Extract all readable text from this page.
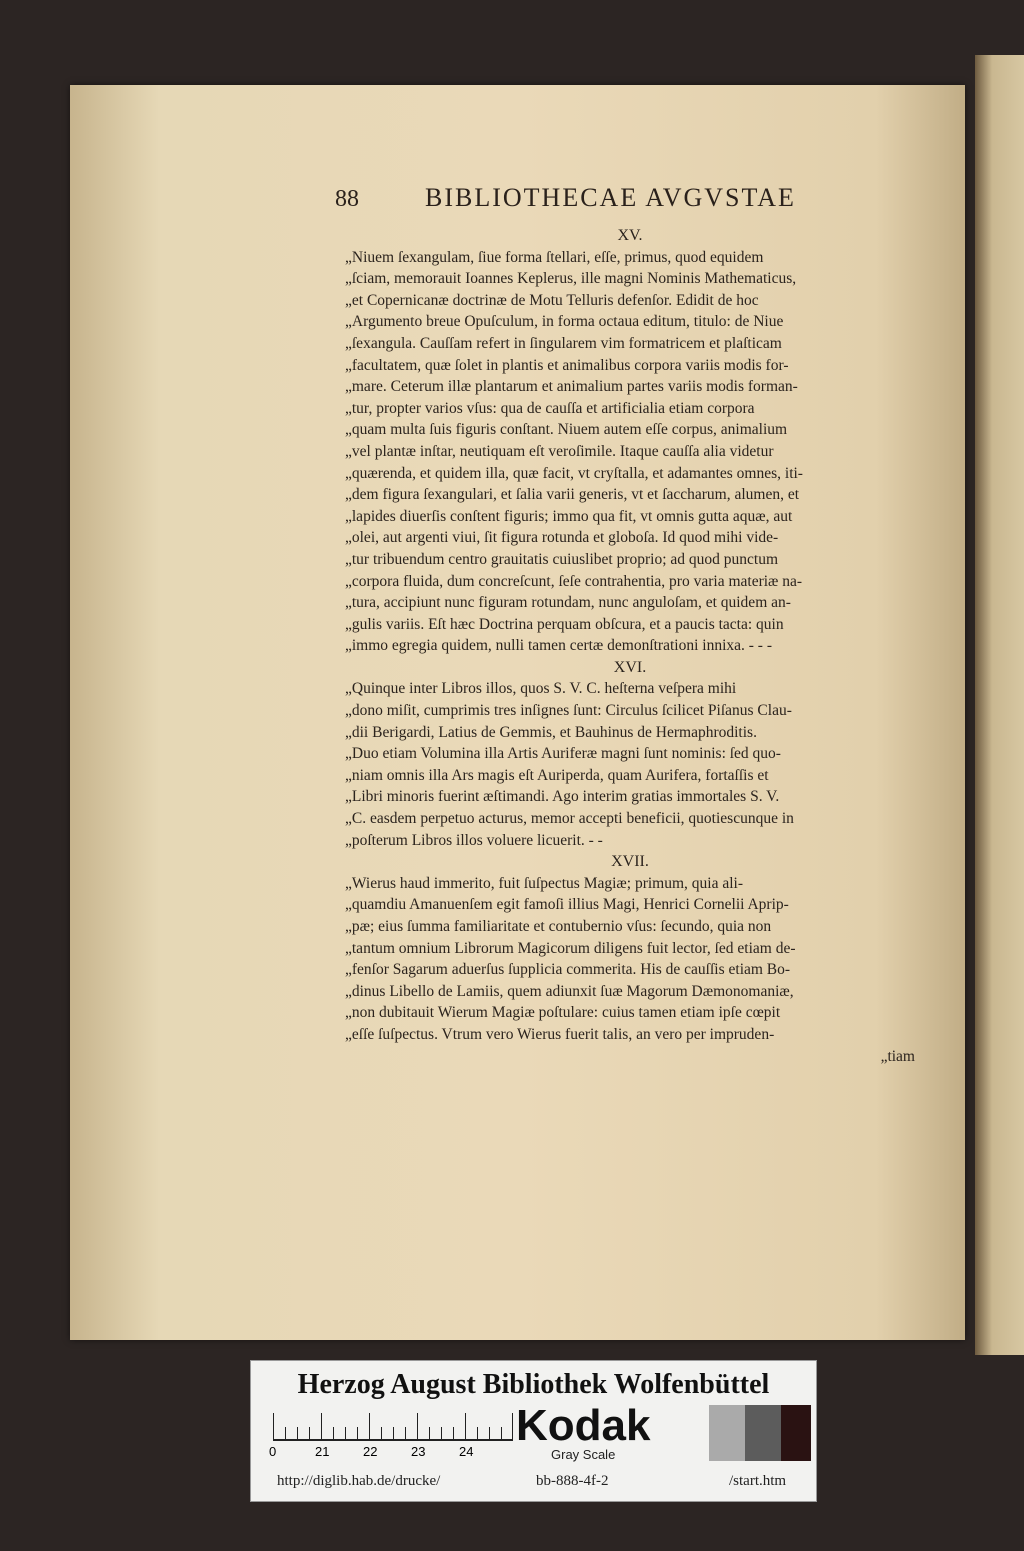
88	BIBLIOTHECAE AVGVSTAE

XV.

„Niuem ſexangulam, ſiue forma ſtellari, eſſe, primus, quod equidem
„ſciam, memorauit Ioannes Keplerus, ille magni Nominis Mathematicus,
„et Copernicanæ doctrinæ de Motu Telluris defenſor. Edidit de hoc
„Argumento breue Opuſculum, in forma octaua editum, titulo: de Niue
„ſexangula. Cauſſam refert in ſingularem vim formatricem et plaſticam
„facultatem, quæ ſolet in plantis et animalibus corpora variis modis for-
„mare. Ceterum illæ plantarum et animalium partes variis modis forman-
„tur, propter varios vſus: qua de cauſſa et artificialia etiam corpora
„quam multa ſuis figuris conſtant. Niuem autem eſſe corpus, animalium
„vel plantæ inſtar, neutiquam eſt veroſimile. Itaque cauſſa alia videtur
„quærenda, et quidem illa, quæ facit, vt cryſtalla, et adamantes omnes, iti-
„dem figura ſexangulari, et ſalia varii generis, vt et ſaccharum, alumen, et
„lapides diuerſis conſtent figuris; immo qua fit, vt omnis gutta aquæ, aut
„olei, aut argenti viui, ſit figura rotunda et globoſa. Id quod mihi vide-
„tur tribuendum centro grauitatis cuiuslibet proprio; ad quod punctum
„corpora fluida, dum concreſcunt, ſeſe contrahentia, pro varia materiæ na-
„tura, accipiunt nunc figuram rotundam, nunc anguloſam, et quidem an-
„gulis variis. Eſt hæc Doctrina perquam obſcura, et a paucis tacta: quin
„immo egregia quidem, nulli tamen certæ demonſtrationi innixa. - - -

XVI.

„Quinque inter Libros illos, quos S. V. C. heſterna veſpera mihi
„dono miſit, cumprimis tres inſignes ſunt: Circulus ſcilicet Piſanus Clau-
„dii Berigardi, Latius de Gemmis, et Bauhinus de Hermaphroditis.
„Duo etiam Volumina illa Artis Auriferæ magni ſunt nominis: ſed quo-
„niam omnis illa Ars magis eſt Auriperda, quam Aurifera, fortaſſis et
„Libri minoris fuerint æſtimandi. Ago interim gratias immortales S. V.
„C. easdem perpetuo acturus, memor accepti beneficii, quotiescunque in
„poſterum Libros illos voluere licuerit. - -

XVII.

„Wierus haud immerito, fuit ſuſpectus Magiæ; primum, quia ali-
„quamdiu Amanuenſem egit famoſi illius Magi, Henrici Cornelii Aprip-
„pæ; eius ſumma familiaritate et contubernio vſus: ſecundo, quia non
„tantum omnium Librorum Magicorum diligens fuit lector, ſed etiam de-
„fenſor Sagarum aduerſus ſupplicia commerita. His de cauſſis etiam Bo-
„dinus Libello de Lamiis, quem adiunxit ſuæ Magorum Dæmonomaniæ,
„non dubitauit Wierum Magiæ poſtulare: cuius tamen etiam ipſe cœpit
„eſſe ſuſpectus. Vtrum vero Wierus fuerit talis, an vero per impruden-

„tiam

Herzog August Bibliothek Wolfenbüttel
0	21	22	23	24
Kodak
Gray Scale
http://diglib.hab.de/drucke/	bb-888-4f-2	/start.htm
